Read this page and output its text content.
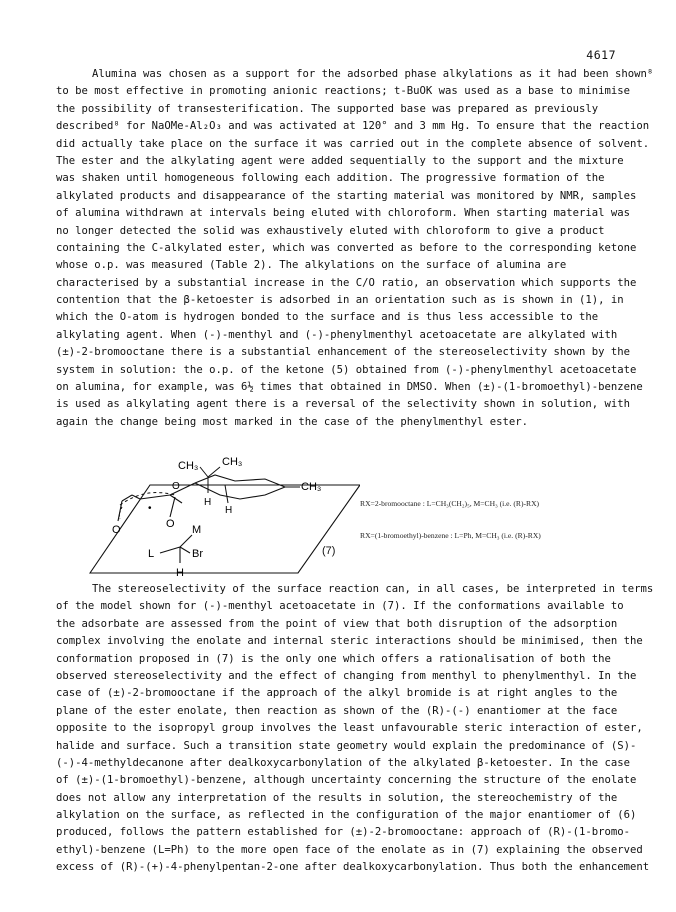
4617
Alumina was chosen as a support for the adsorbed phase alkylations as it had been shown⁸
to be most effective in promoting anionic reactions; t-BuOK was used as a base to minimise
the possibility of transesterification. The supported base was prepared as previously
described⁸ for NaOMe-Al₂O₃ and was activated at 120° and 3 mm Hg. To ensure that the reaction
did actually take place on the surface it was carried out in the complete absence of solvent.
The ester and the alkylating agent were added sequentially to the support and the mixture
was shaken until homogeneous following each addition. The progressive formation of the
alkylated products and disappearance of the starting material was monitored by NMR, samples
of alumina withdrawn at intervals being eluted with chloroform. When starting material was
no longer detected the solid was exhaustively eluted with chloroform to give a product
containing the C-alkylated ester, which was converted as before to the corresponding ketone
whose o.p. was measured (Table 2). The alkylations on the surface of alumina are
characterised by a substantial increase in the C/O ratio, an observation which supports the
contention that the β-ketoester is adsorbed in an orientation such as is shown in (1), in
which the O-atom is hydrogen bonded to the surface and is thus less accessible to the
alkylating agent. When (-)-menthyl and (-)-phenylmenthyl acetoacetate are alkylated with
(±)-2-bromooctane there is a substantial enhancement of the stereoselectivity shown by the
system in solution: the o.p. of the ketone (5) obtained from (-)-phenylmenthyl acetoacetate
on alumina, for example, was 6½ times that obtained in DMSO. When (±)-(1-bromoethyl)-benzene
is used as alkylating agent there is a reversal of the selectivity shown in solution, with
again the change being most marked in the case of the phenylmenthyl ester.
CH₃ CH₃
CH₃
O
H
H
•
O
O	M
L	Br
H
RX=2-bromooctane : L=CH₃(CH₂)₅, M=CH₃ (i.e. (R)-RX)
RX=(1-bromoethyl)-benzene : L=Ph, M=CH₃ (i.e. (R)-RX)
(7)
The stereoselectivity of the surface reaction can, in all cases, be interpreted in terms
of the model shown for (-)-menthyl acetoacetate in (7). If the conformations available to
the adsorbate are assessed from the point of view that both disruption of the adsorption
complex involving the enolate and internal steric interactions should be minimised, then the
conformation proposed in (7) is the only one which offers a rationalisation of both the
observed stereoselectivity and the effect of changing from menthyl to phenylmenthyl. In the
case of (±)-2-bromooctane if the approach of the alkyl bromide is at right angles to the
plane of the ester enolate, then reaction as shown of the (R)-(-) enantiomer at the face
opposite to the isopropyl group involves the least unfavourable steric interaction of ester,
halide and surface. Such a transition state geometry would explain the predominance of (S)-
(-)-4-methyldecanone after dealkoxycarbonylation of the alkylated β-ketoester. In the case
of (±)-(1-bromoethyl)-benzene, although uncertainty concerning the structure of the enolate
does not allow any interpretation of the results in solution, the stereochemistry of the
alkylation on the surface, as reflected in the configuration of the major enantiomer of (6)
produced, follows the pattern established for (±)-2-bromooctane: approach of (R)-(1-bromo-
ethyl)-benzene (L=Ph) to the more open face of the enolate as in (7) explaining the observed
excess of (R)-(+)-4-phenylpentan-2-one after dealkoxycarbonylation. Thus both the enhancement
